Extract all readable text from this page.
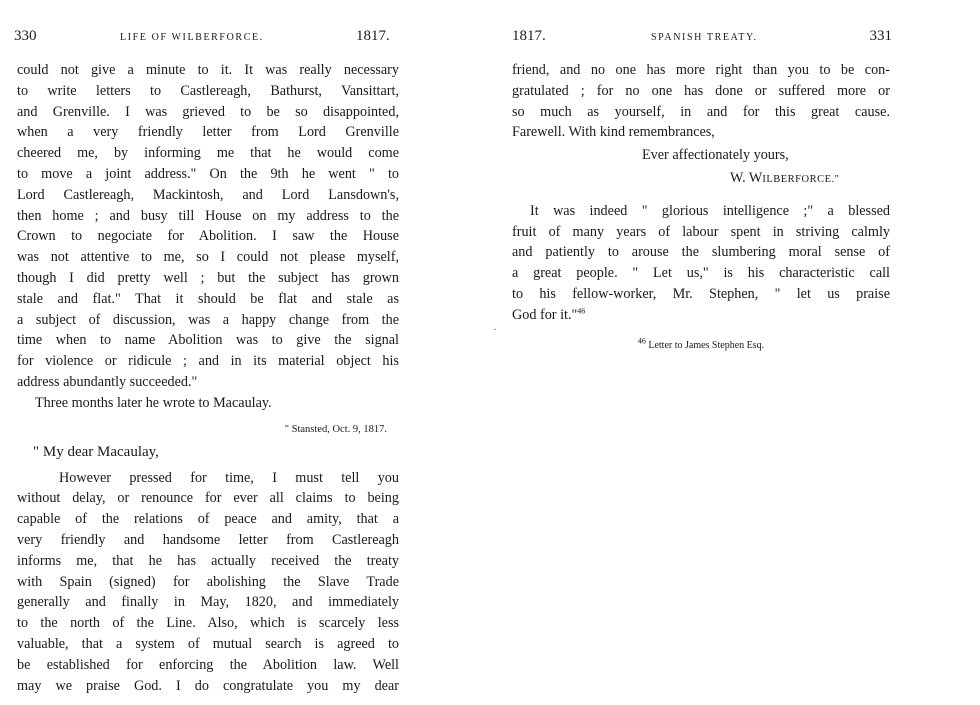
330	LIFE OF WILBERFORCE.	1817.
could not give a minute to it. It was really necessary
to write letters to Castlereagh, Bathurst, Vansittart,
and Grenville. I was grieved to be so disappointed,
when a very friendly letter from Lord Grenville
cheered me, by informing me that he would come
to move a joint address." On the 9th he went " to
Lord Castlereagh, Mackintosh, and Lord Lansdown's,
then home ; and busy till House on my address to the
Crown to negociate for Abolition. I saw the House
was not attentive to me, so I could not please myself,
though I did pretty well ; but the subject has grown
stale and flat." That it should be flat and stale as
a subject of discussion, was a happy change from the
time when to name Abolition was to give the signal
for violence or ridicule ; and in its material object his
address abundantly succeeded."
Three months later he wrote to Macaulay.
" Stansted, Oct. 9, 1817.
" My dear Macaulay,
However pressed for time, I must tell you
without delay, or renounce for ever all claims to being
capable of the relations of peace and amity, that a
very friendly and handsome letter from Castlereagh
informs me, that he has actually received the treaty
with Spain (signed) for abolishing the Slave Trade
generally and finally in May, 1820, and immediately
to the north of the Line. Also, which is scarcely less
valuable, that a system of mutual search is agreed to
be established for enforcing the Abolition law. Well
may we praise God. I do congratulate you my dear
1817.	SPANISH TREATY.	331
friend, and no one has more right than you to be con-
gratulated ; for no one has done or suffered more or
so much as yourself, in and for this great cause.
Farewell. With kind remembrances,
Ever affectionately yours,
W. WILBERFORCE."
It was indeed " glorious intelligence ;" a blessed
fruit of many years of labour spent in striving calmly
and patiently to arouse the slumbering moral sense of
a great people. " Let us," is his characteristic call
to his fellow-worker, Mr. Stephen, " let us praise
God for it."$^{46}$
$^{46}$ Letter to James Stephen Esq.
